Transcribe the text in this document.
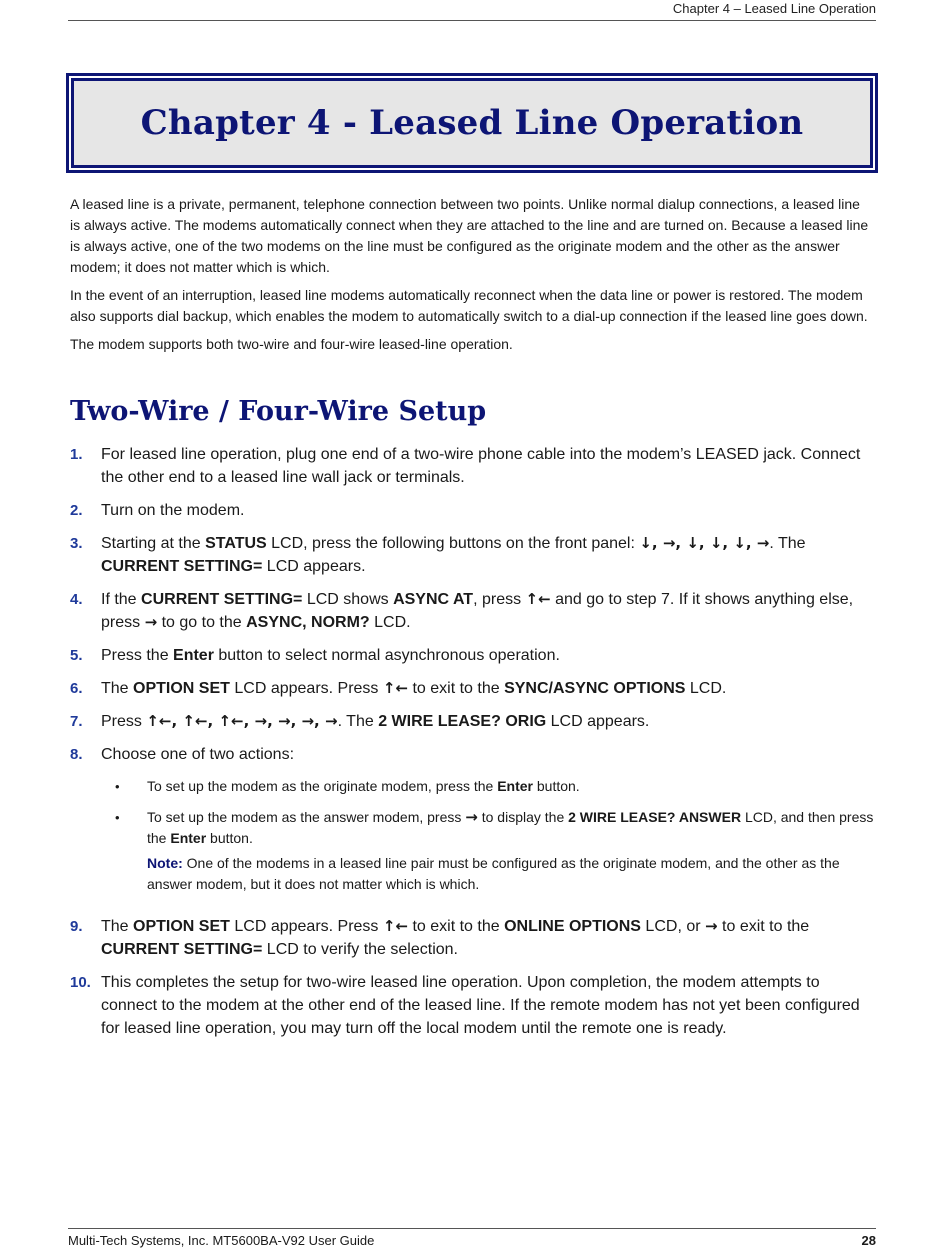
Chapter 4 – Leased Line Operation
Chapter 4 - Leased Line Operation

A leased line is a private, permanent, telephone connection between two points. Unlike normal dialup connections, a leased line is always active. The modems automatically connect when they are attached to the line and are turned on. Because a leased line is always active, one of the two modems on the line must be configured as the originate modem and the other as the answer modem; it does not matter which is which.

In the event of an interruption, leased line modems automatically reconnect when the data line or power is restored. The modem also supports dial backup, which enables the modem to automatically switch to a dial-up connection if the leased line goes down.

The modem supports both two-wire and four-wire leased-line operation.

Two-Wire / Four-Wire Setup
1.	For leased line operation, plug one end of a two-wire phone cable into the modem’s LEASED jack. Connect the other end to a leased line wall jack or terminals.
2.	Turn on the modem.
3.	Starting at the STATUS LCD, press the following buttons on the front panel: ↓, →, ↓, ↓, ↓, →. The CURRENT SETTING= LCD appears.
4.	If the CURRENT SETTING= LCD shows ASYNC AT, press ↑← and go to step 7. If it shows anything else, press → to go to the ASYNC, NORM? LCD.
5.	Press the Enter button to select normal asynchronous operation.
6.	The OPTION SET LCD appears. Press ↑← to exit to the SYNC/ASYNC OPTIONS LCD.
7.	Press ↑←, ↑←, ↑←, →, →, →, →. The 2 WIRE LEASE? ORIG LCD appears.
8.	Choose one of two actions:
•	To set up the modem as the originate modem, press the Enter button.
•	To set up the modem as the answer modem, press → to display the 2 WIRE LEASE? ANSWER LCD, and then press the Enter button.
Note: One of the modems in a leased line pair must be configured as the originate modem, and the other as the answer modem, but it does not matter which is which.
9.	The OPTION SET LCD appears. Press ↑← to exit to the ONLINE OPTIONS LCD, or → to exit to the CURRENT SETTING= LCD to verify the selection.
10. This completes the setup for two-wire leased line operation. Upon completion, the modem attempts to connect to the modem at the other end of the leased line. If the remote modem has not yet been configured for leased line operation, you may turn off the local modem until the remote one is ready.
Multi-Tech Systems, Inc. MT5600BA-V92 User Guide	28
